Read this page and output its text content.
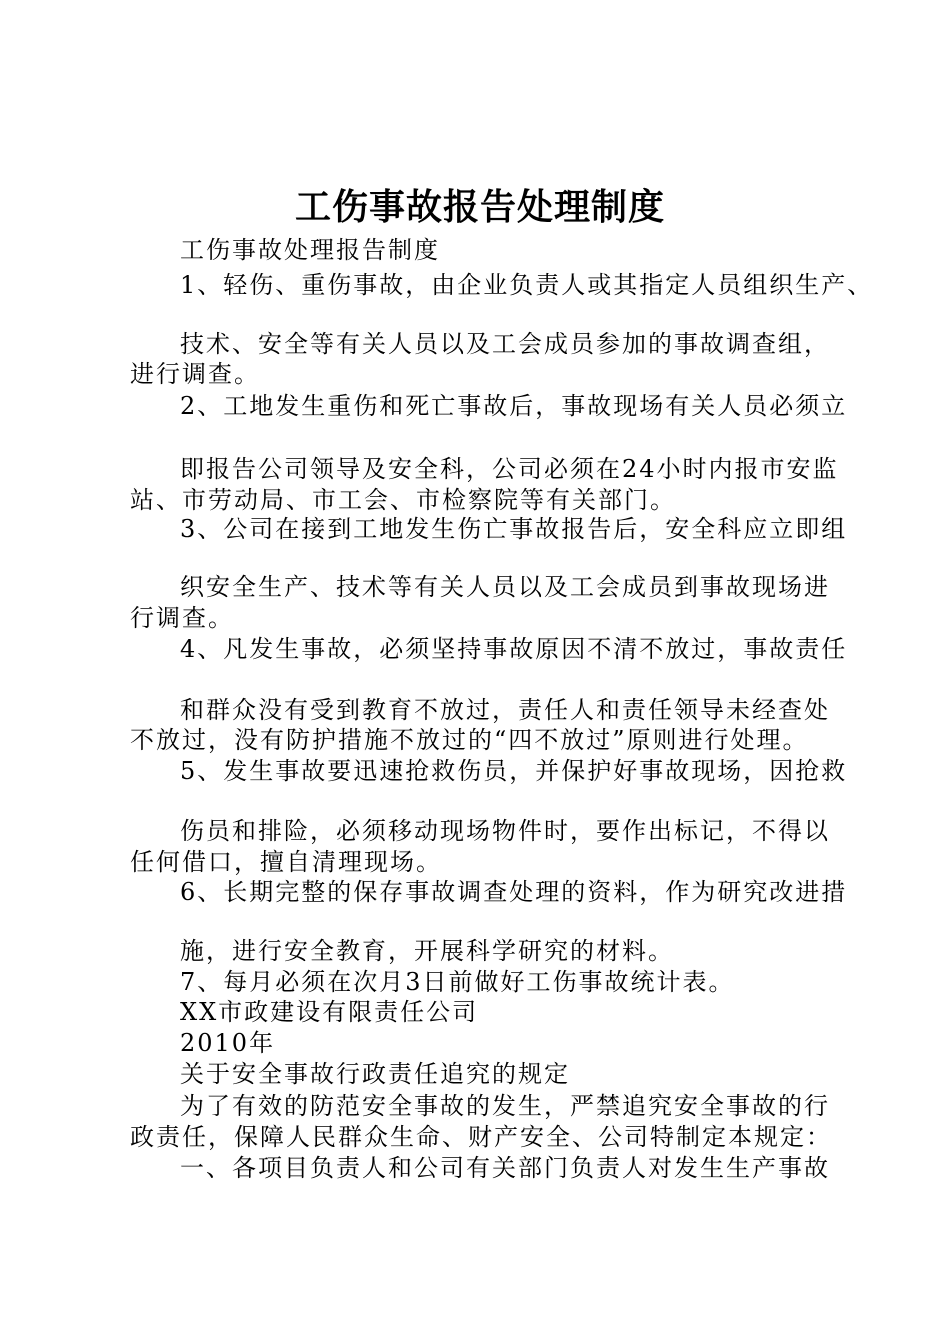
工伤事故报告处理制度
工伤事故处理报告制度
1、轻伤、重伤事故，由企业负责人或其指定人员组织生产、
技术、安全等有关人员以及工会成员参加的事故调查组，
进行调查。
2、工地发生重伤和死亡事故后，事故现场有关人员必须立
即报告公司领导及安全科，公司必须在24小时内报市安监
站、市劳动局、市工会、市检察院等有关部门。
3、公司在接到工地发生伤亡事故报告后，安全科应立即组
织安全生产、技术等有关人员以及工会成员到事故现场进
行调查。
4、凡发生事故，必须坚持事故原因不清不放过，事故责任
和群众没有受到教育不放过，责任人和责任领导未经查处
不放过，没有防护措施不放过的“四不放过”原则进行处理。
5、发生事故要迅速抢救伤员，并保护好事故现场，因抢救
伤员和排险，必须移动现场物件时，要作出标记，不得以
任何借口，擅自清理现场。
6、长期完整的保存事故调查处理的资料，作为研究改进措
施，进行安全教育，开展科学研究的材料。
7、每月必须在次月3日前做好工伤事故统计表。
XX市政建设有限责任公司
2010年
关于安全事故行政责任追究的规定
为了有效的防范安全事故的发生，严禁追究安全事故的行
政责任，保障人民群众生命、财产安全、公司特制定本规定：
一、各项目负责人和公司有关部门负责人对发生生产事故
